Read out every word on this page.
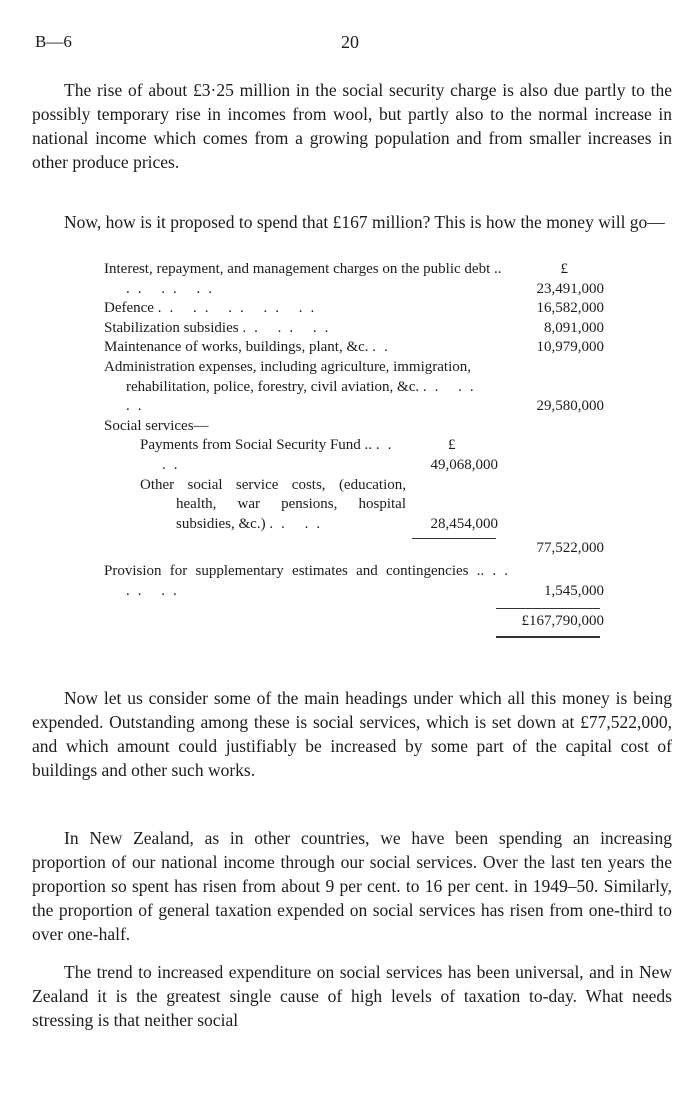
B—6	20

The rise of about £3·25 million in the social security charge is also due partly to the possibly temporary rise in incomes from wool, but partly also to the normal increase in national income which comes from a growing population and from smaller increases in other produce prices.

Now, how is it proposed to spend that £167 million? This is how the money will go—

£
Interest, repayment, and management charges on the public debt .. .. .. ..	23,491,000
Defence .. .. .. .. ..	16,582,000
Stabilization subsidies .. .. ..	8,091,000
Maintenance of works, buildings, plant, &c. ..	10,979,000
Administration expenses, including agriculture, immigration, rehabilitation, police, forestry, civil aviation, &c. .. .. ..	29,580,000
Social services—
£
Payments from Social Security Fund .. .. ..	49,068,000
Other social service costs, (education, health, war pensions, hospital subsidies, &c.) .. ..	28,454,000
77,522,000
Provision for supplementary estimates and contingencies .. .. .. ..	1,545,000
£167,790,000

Now let us consider some of the main headings under which all this money is being expended. Outstanding among these is social services, which is set down at £77,522,000, and which amount could justifiably be increased by some part of the capital cost of buildings and other such works.

In New Zealand, as in other countries, we have been spending an increasing proportion of our national income through our social services. Over the last ten years the proportion so spent has risen from about 9 per cent. to 16 per cent. in 1949–50. Similarly, the proportion of general taxation expended on social services has risen from one-third to over one-half.

The trend to increased expenditure on social services has been universal, and in New Zealand it is the greatest single cause of high levels of taxation to-day. What needs stressing is that neither social
